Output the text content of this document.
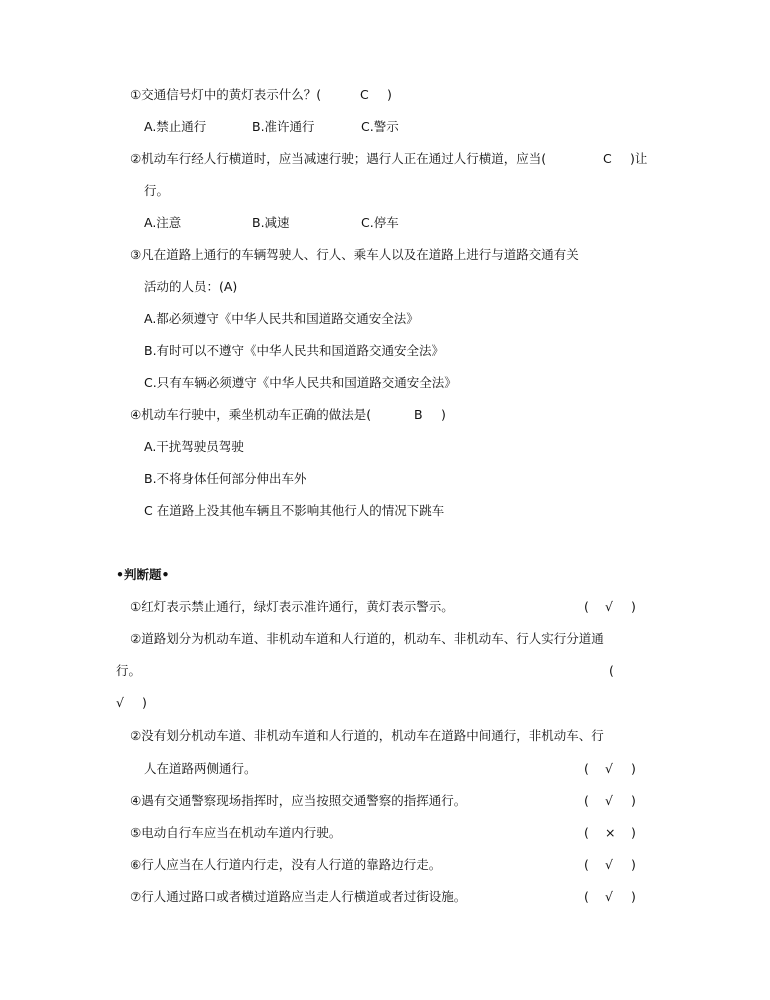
①交通信号灯中的黄灯表示什么？(	C )
A.禁止通行	B.准许通行	C.警示
②机动车行经人行横道时，应当减速行驶；遇行人正在通过人行横道，应当(	C )让
行。
A.注意	B.减速	C.停车
③凡在道路上通行的车辆驾驶人、行人、乘车人以及在道路上进行与道路交通有关
活动的人员：(A)
A.都必须遵守《中华人民共和国道路交通安全法》
B.有时可以不遵守《中华人民共和国道路交通安全法》
C.只有车辆必须遵守《中华人民共和国道路交通安全法》
④机动车行驶中，乘坐机动车正确的做法是(	B )
A.干扰驾驶员驾驶
B.不将身体任何部分伸出车外
C 在道路上没其他车辆且不影响其他行人的情况下跳车
•判断题•
①红灯表示禁止通行，绿灯表示准许通行，黄灯表示警示。	( √ )
②道路划分为机动车道、非机动车道和人行道的，机动车、非机动车、行人实行分道通
行。	(
√ )
②没有划分机动车道、非机动车道和人行道的，机动车在道路中间通行，非机动车、行
人在道路两侧通行。	( √ )
④遇有交通警察现场指挥时，应当按照交通警察的指挥通行。	( √ )
⑤电动自行车应当在机动车道内行驶。	( × )
⑥行人应当在人行道内行走，没有人行道的靠路边行走。	( √ )
⑦行人通过路口或者横过道路应当走人行横道或者过街设施。	( √ )
